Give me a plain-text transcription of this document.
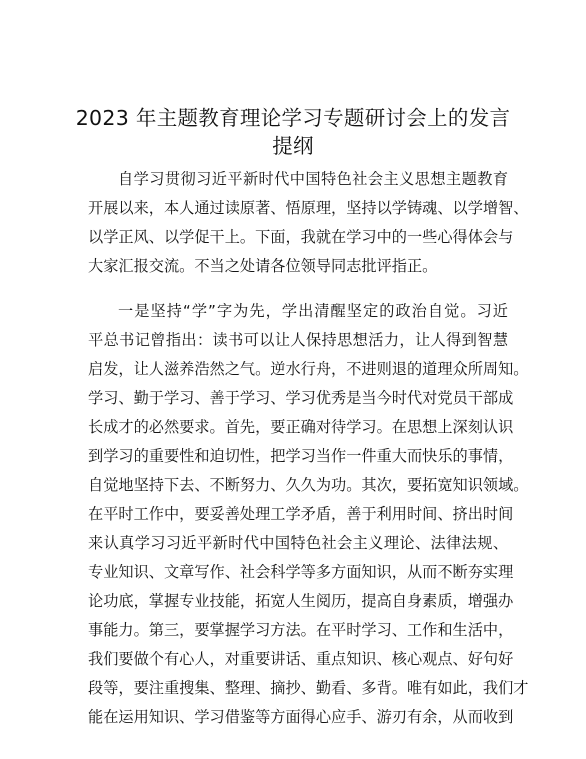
2023 年主题教育理论学习专题研讨会上的发言
提纲
自学习贯彻习近平新时代中国特色社会主义思想主题教育
开展以来，本人通过读原著、悟原理，坚持以学铸魂、以学增智、
以学正风、以学促干上。下面，我就在学习中的一些心得体会与
大家汇报交流。不当之处请各位领导同志批评指正。
一是坚持“学”字为先，学出清醒坚定的政治自觉。习近
平总书记曾指出：读书可以让人保持思想活力，让人得到智慧
启发，让人滋养浩然之气。逆水行舟，不进则退的道理众所周知。
学习、勤于学习、善于学习、学习优秀是当今时代对党员干部成
长成才的必然要求。首先，要正确对待学习。在思想上深刻认识
到学习的重要性和迫切性，把学习当作一件重大而快乐的事情，
自觉地坚持下去、不断努力、久久为功。其次，要拓宽知识领域。
在平时工作中，要妥善处理工学矛盾，善于利用时间、挤出时间
来认真学习习近平新时代中国特色社会主义理论、法律法规、
专业知识、文章写作、社会科学等多方面知识，从而不断夯实理
论功底，掌握专业技能，拓宽人生阅历，提高自身素质，增强办
事能力。第三，要掌握学习方法。在平时学习、工作和生活中，
我们要做个有心人，对重要讲话、重点知识、核心观点、好句好
段等，要注重搜集、整理、摘抄、勤看、多背。唯有如此，我们才
能在运用知识、学习借鉴等方面得心应手、游刃有余，从而收到
